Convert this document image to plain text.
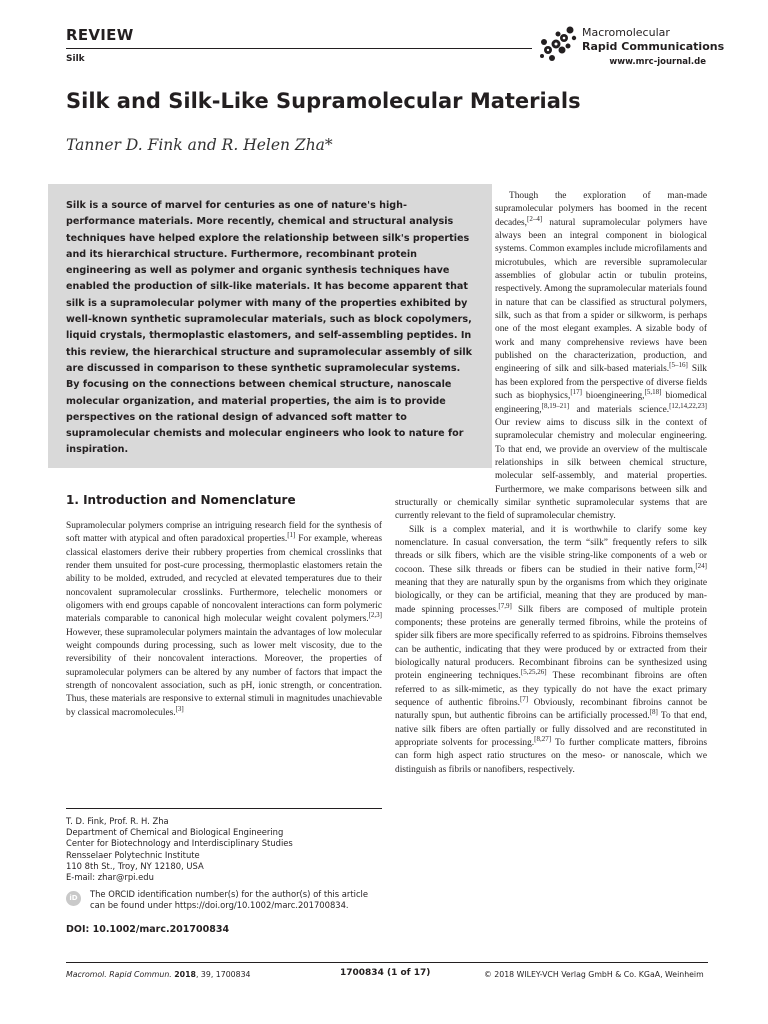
REVIEW
Silk
Macromolecular
Rapid Communications
www.mrc-journal.de
Silk and Silk-Like Supramolecular Materials
Tanner D. Fink and R. Helen Zha*

Silk is a source of marvel for centuries as one of nature's high-performance materials. More recently, chemical and structural analysis techniques have helped explore the relationship between silk's properties and its hierarchical structure. Furthermore, recombinant protein engineering as well as polymer and organic synthesis techniques have enabled the production of silk-like materials. It has become apparent that silk is a supramolecular polymer with many of the properties exhibited by well-known synthetic supramolecular materials, such as block copolymers, liquid crystals, thermoplastic elastomers, and self-assembling peptides. In this review, the hierarchical structure and supramolecular assembly of silk are discussed in comparison to these synthetic supramolecular systems. By focusing on the connections between chemical structure, nanoscale molecular organization, and material properties, the aim is to provide perspectives on the rational design of advanced soft matter to supramolecular chemists and molecular engineers who look to nature for inspiration.

1. Introduction and Nomenclature

Supramolecular polymers comprise an intriguing research field for the synthesis of soft matter with atypical and often paradoxical properties.[1] For example, whereas classical elastomers derive their rubbery properties from chemical crosslinks that render them unsuited for post-cure processing, thermoplastic elastomers retain the ability to be molded, extruded, and recycled at elevated temperatures due to their noncovalent supramolecular crosslinks. Furthermore, telechelic monomers or oligomers with end groups capable of noncovalent interactions can form polymeric materials comparable to canonical high molecular weight covalent polymers.[2,3] However, these supramolecular polymers maintain the advantages of low molecular weight compounds during processing, such as lower melt viscosity, due to the reversibility of their noncovalent interactions. Moreover, the properties of supramolecular polymers can be altered by any number of factors that impact the strength of noncovalent association, such as pH, ionic strength, or concentration. Thus, these materials are responsive to external stimuli in magnitudes unachievable by classical macromolecules.[3]

Though the exploration of man-made supramolecular polymers has boomed in the recent decades,[2–4] natural supramolecular polymers have always been an integral component in biological systems. Common examples include microfilaments and microtubules, which are reversible supramolecular assemblies of globular actin or tubulin proteins, respectively. Among the supramolecular materials found in nature that can be classified as structural polymers, silk, such as that from a spider or silkworm, is perhaps one of the most elegant examples. A sizable body of work and many comprehensive reviews have been published on the characterization, production, and engineering of silk and silk-based materials.[5–16] Silk has been explored from the perspective of diverse fields such as biophysics,[17] bioengineering,[5,18] biomedical engineering,[8,19–21] and materials science.[12,14,22,23] Our review aims to discuss silk in the context of supramolecular chemistry and molecular engineering. To that end, we provide an overview of the multiscale relationships in silk between chemical structure, molecular self-assembly, and material properties. Furthermore, we make comparisons between silk and structurally or chemically similar synthetic supramolecular systems that are currently relevant to the field of supramolecular chemistry.

Silk is a complex material, and it is worthwhile to clarify some key nomenclature. In casual conversation, the term “silk” frequently refers to silk threads or silk fibers, which are the visible string-like components of a web or cocoon. These silk threads or fibers can be studied in their native form,[24] meaning that they are naturally spun by the organisms from which they originate biologically, or they can be artificial, meaning that they are produced by man-made spinning processes.[7,9] Silk fibers are composed of multiple protein components; these proteins are generally termed fibroins, while the proteins of spider silk fibers are more specifically referred to as spidroins. Fibroins themselves can be authentic, indicating that they were produced by or extracted from their biologically natural producers. Recombinant fibroins can be synthesized using protein engineering techniques.[5,25,26] These recombinant fibroins are often referred to as silk-mimetic, as they typically do not have the exact primary sequence of authentic fibroins.[7] Obviously, recombinant fibroins cannot be naturally spun, but authentic fibroins can be artificially processed.[8] To that end, native silk fibers are often partially or fully dissolved and are reconstituted in appropriate solvents for processing.[8,27] To further complicate matters, fibroins can form high aspect ratio structures on the meso- or nanoscale, which we distinguish as fibrils or nanofibers, respectively.

T. D. Fink, Prof. R. H. Zha
Department of Chemical and Biological Engineering
Center for Biotechnology and Interdisciplinary Studies
Rensselaer Polytechnic Institute
110 8th St., Troy, NY 12180, USA
E-mail: zhar@rpi.edu
iD	The ORCID identification number(s) for the author(s) of this article
can be found under https://doi.org/10.1002/marc.201700834.
DOI: 10.1002/marc.201700834
Macromol. Rapid Commun. 2018, 39, 1700834	1700834 (1 of 17)	© 2018 WILEY-VCH Verlag GmbH & Co. KGaA, Weinheim
